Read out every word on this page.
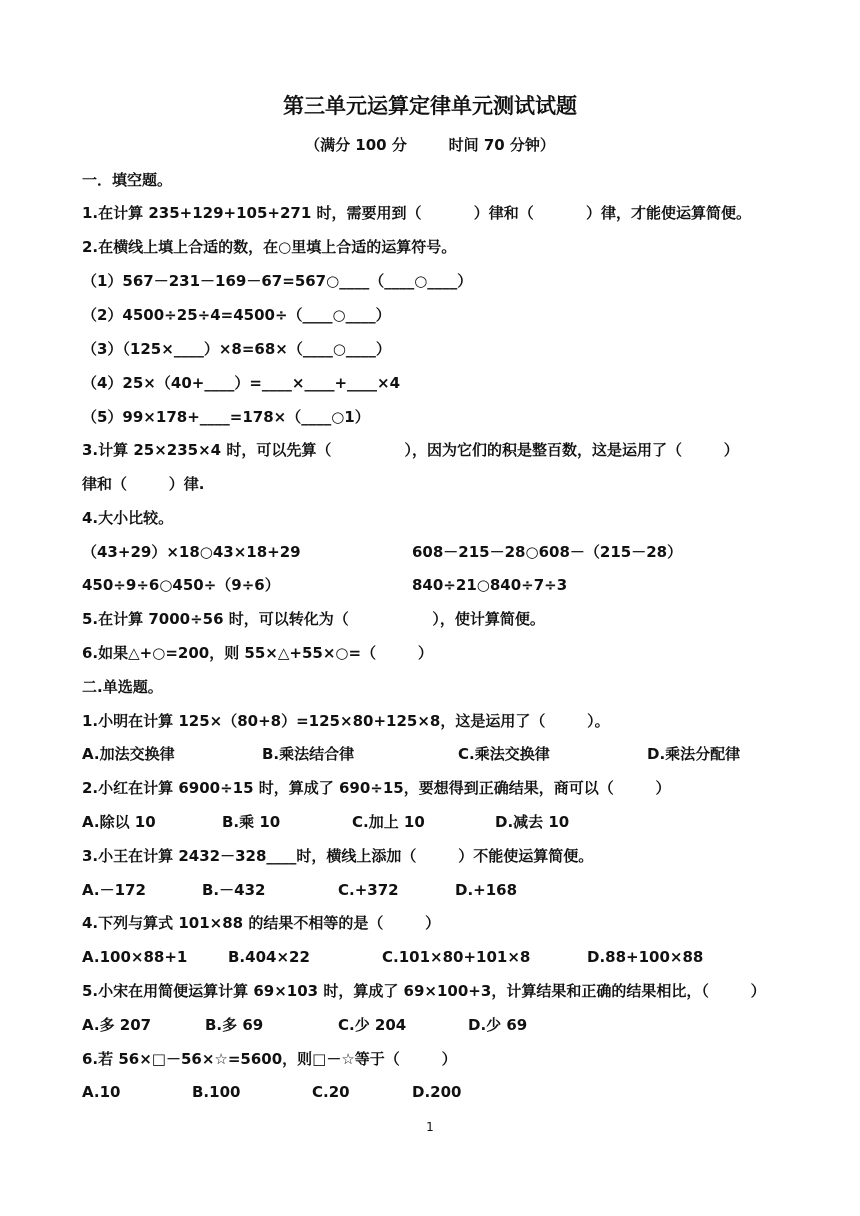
第三单元运算定律单元测试试题
（满分 100 分        时间 70 分钟）
一．填空题。
1.在计算 235+129+105+271 时，需要用到（          ）律和（          ）律，才能使运算简便。
2.在横线上填上合适的数，在○里填上合适的运算符号。
（1）567－231－169－67=567○____（____○____）
（2）4500÷25÷4=4500÷（____○____）
（3）（125×____）×8=68×（____○____）
（4）25×（40+____）=____×____+____×4
（5）99×178+____=178×（____○1）
3.计算 25×235×4 时，可以先算（              ），因为它们的积是整百数，这是运用了（        ）
律和（        ）律.
4.大小比较。
（43+29）×18○43×18+29	608－215－28○608－（215－28）
450÷9÷6○450÷（9÷6）	840÷21○840÷7÷3
5.在计算 7000÷56 时，可以转化为（                ），使计算简便。
6.如果△+○=200，则 55×△+55×○=（        ）
二.单选题。
1.小明在计算 125×（80+8）=125×80+125×8，这是运用了（        ）。
A.加法交换律	B.乘法结合律	C.乘法交换律	D.乘法分配律
2.小红在计算 6900÷15 时，算成了 690÷15，要想得到正确结果，商可以（        ）
A.除以 10	B.乘 10	C.加上 10	D.减去 10
3.小王在计算 2432－328____时，横线上添加（        ）不能使运算简便。
A.－172	B.－432	C.+372	D.+168
4.下列与算式 101×88 的结果不相等的是（        ）
A.100×88+1	B.404×22	C.101×80+101×8	D.88+100×88
5.小宋在用简便运算计算 69×103 时，算成了 69×100+3，计算结果和正确的结果相比，（        ）
A.多 207	B.多 69	C.少 204	D.少 69
6.若 56×□－56×☆=5600，则□－☆等于（        ）
A.10	B.100	C.20	D.200
1
